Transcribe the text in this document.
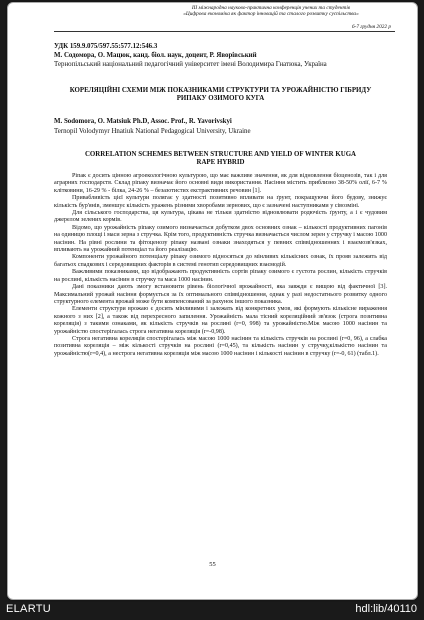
ІІІ міжнародна науково-практична конференція учених та студентів
«Цифрова економіка як фактор інновацій та сталого розвитку суспільства»
6-7 грудня 2022 р
УДК 159.9.075/597.55:577.12:546.3
М. Содомора, О. Мацюк, канд. біол. наук, доцент, Р. Яворівський
Тернопільський національний педагогічний університет імені Володимира Гнатюка, Україна
КОРЕЛЯЦІЙНІ СХЕМИ МІЖ ПОКАЗНИКАМИ СТРУКТУРИ ТА УРОЖАЙНІСТЮ ГІБРИДУ РИПАКУ ОЗИМОГО КУГА
M. Sodomora, O. Matsiuk Ph.D, Assoc. Prof., R. Yavorivskyi
Ternopil Volodymyr Hnatiuk National Pedagogical University, Ukraine
CORRELATION SCHEMES BETWEEN STRUCTURE AND YIELD OF WINTER KUGA RAPE HYBRID

Ріпак є досить цінною агроекологічною культурою, що має важливе значення, як для відновлення біоценозів, так і для аграрних господарств. Склад ріпаку визначає його основні види використання. Насіння містить приблизно 38-50% олії, 6-7 % клітковини, 16-29 % - білка, 24-26 % – безазотистих екстрактивних речовин [1].

Привабливість цієї культури полягає у здатності позитивно впливати на ґрунт, покращуючи його будову, знижує кількість бур'янів, зменшує кількість уражень різними хворобами зернових, що є зазначені наступниками у сівозміні.

Для сільського господарства, ця культура, цікава не тільки здатністю відновлювати родючість ґрунту, а і є чудовим джерелом зелених кормів.

Відомо, що урожайність ріпаку озимого визначається добутком двох основних ознак – кількості продуктивних пагонів на одиницю площі і маси зерна з стручка. Крім того, продуктивність стручка визначається числом зерен у стручку і масою 1000 насінин. На рівні рослини та фітоценозу ріпаку названі ознаки знаходяться у певних співвідношеннях і взаємозв'язках, впливають на урожайний потенціал та його реалізацію.

Компоненти урожайного потенціалу ріпаку озимого відносяться до мінливих кількісних ознак, їх прояв залежить від багатьох спадкових і середовищних факторів в системі генотип середовищних взаємодій.

Важливими показниками, що відображають продуктивність сортів ріпаку озимого є густота рослин, кількість стручків на рослині, кількість насінин в стручку та маса 1000 насінин.

Дані показники дають змогу встановити рівень біологічної врожайності, яка завжди є вищою від фактичної [3]. Максимальний урожай насіння формується за їх оптимального співвідношення, однак у разі недостатнього розвитку одного структурного елемента врожай може бути компенсований за рахунок іншого показника.

Елементи структури врожаю є досить мінливими і залежать від конкретних умов, які формують кількісне вираження кожного з них [2], а також від перехресного запилення. Урожайність мала тісний кореляційний зв'язок (строга позитивна кореляція) з такими ознаками, як кількість стручків на рослині (r=0, 998) та урожайністю.Між масою 1000 насінин та урожайністю спостерігалась строга негативна кореляція (r=-0,98).

Строга негативна кореляція спостерігалась між масою 1000 насінин та кількість стручків на рослині (r=0, 96), а слабка позитивна кореляція – між кількості стручків на рослині (r=0,45), та кількість насінин у стручку,кількістю насінин та урожайністю(r=0,4), а нестрога негативна кореляція між масою 1000 насінин і кількості насінин в стручку (r=-0, 61) (табл.1).

55
ELARTU	hdl:lib/40110
